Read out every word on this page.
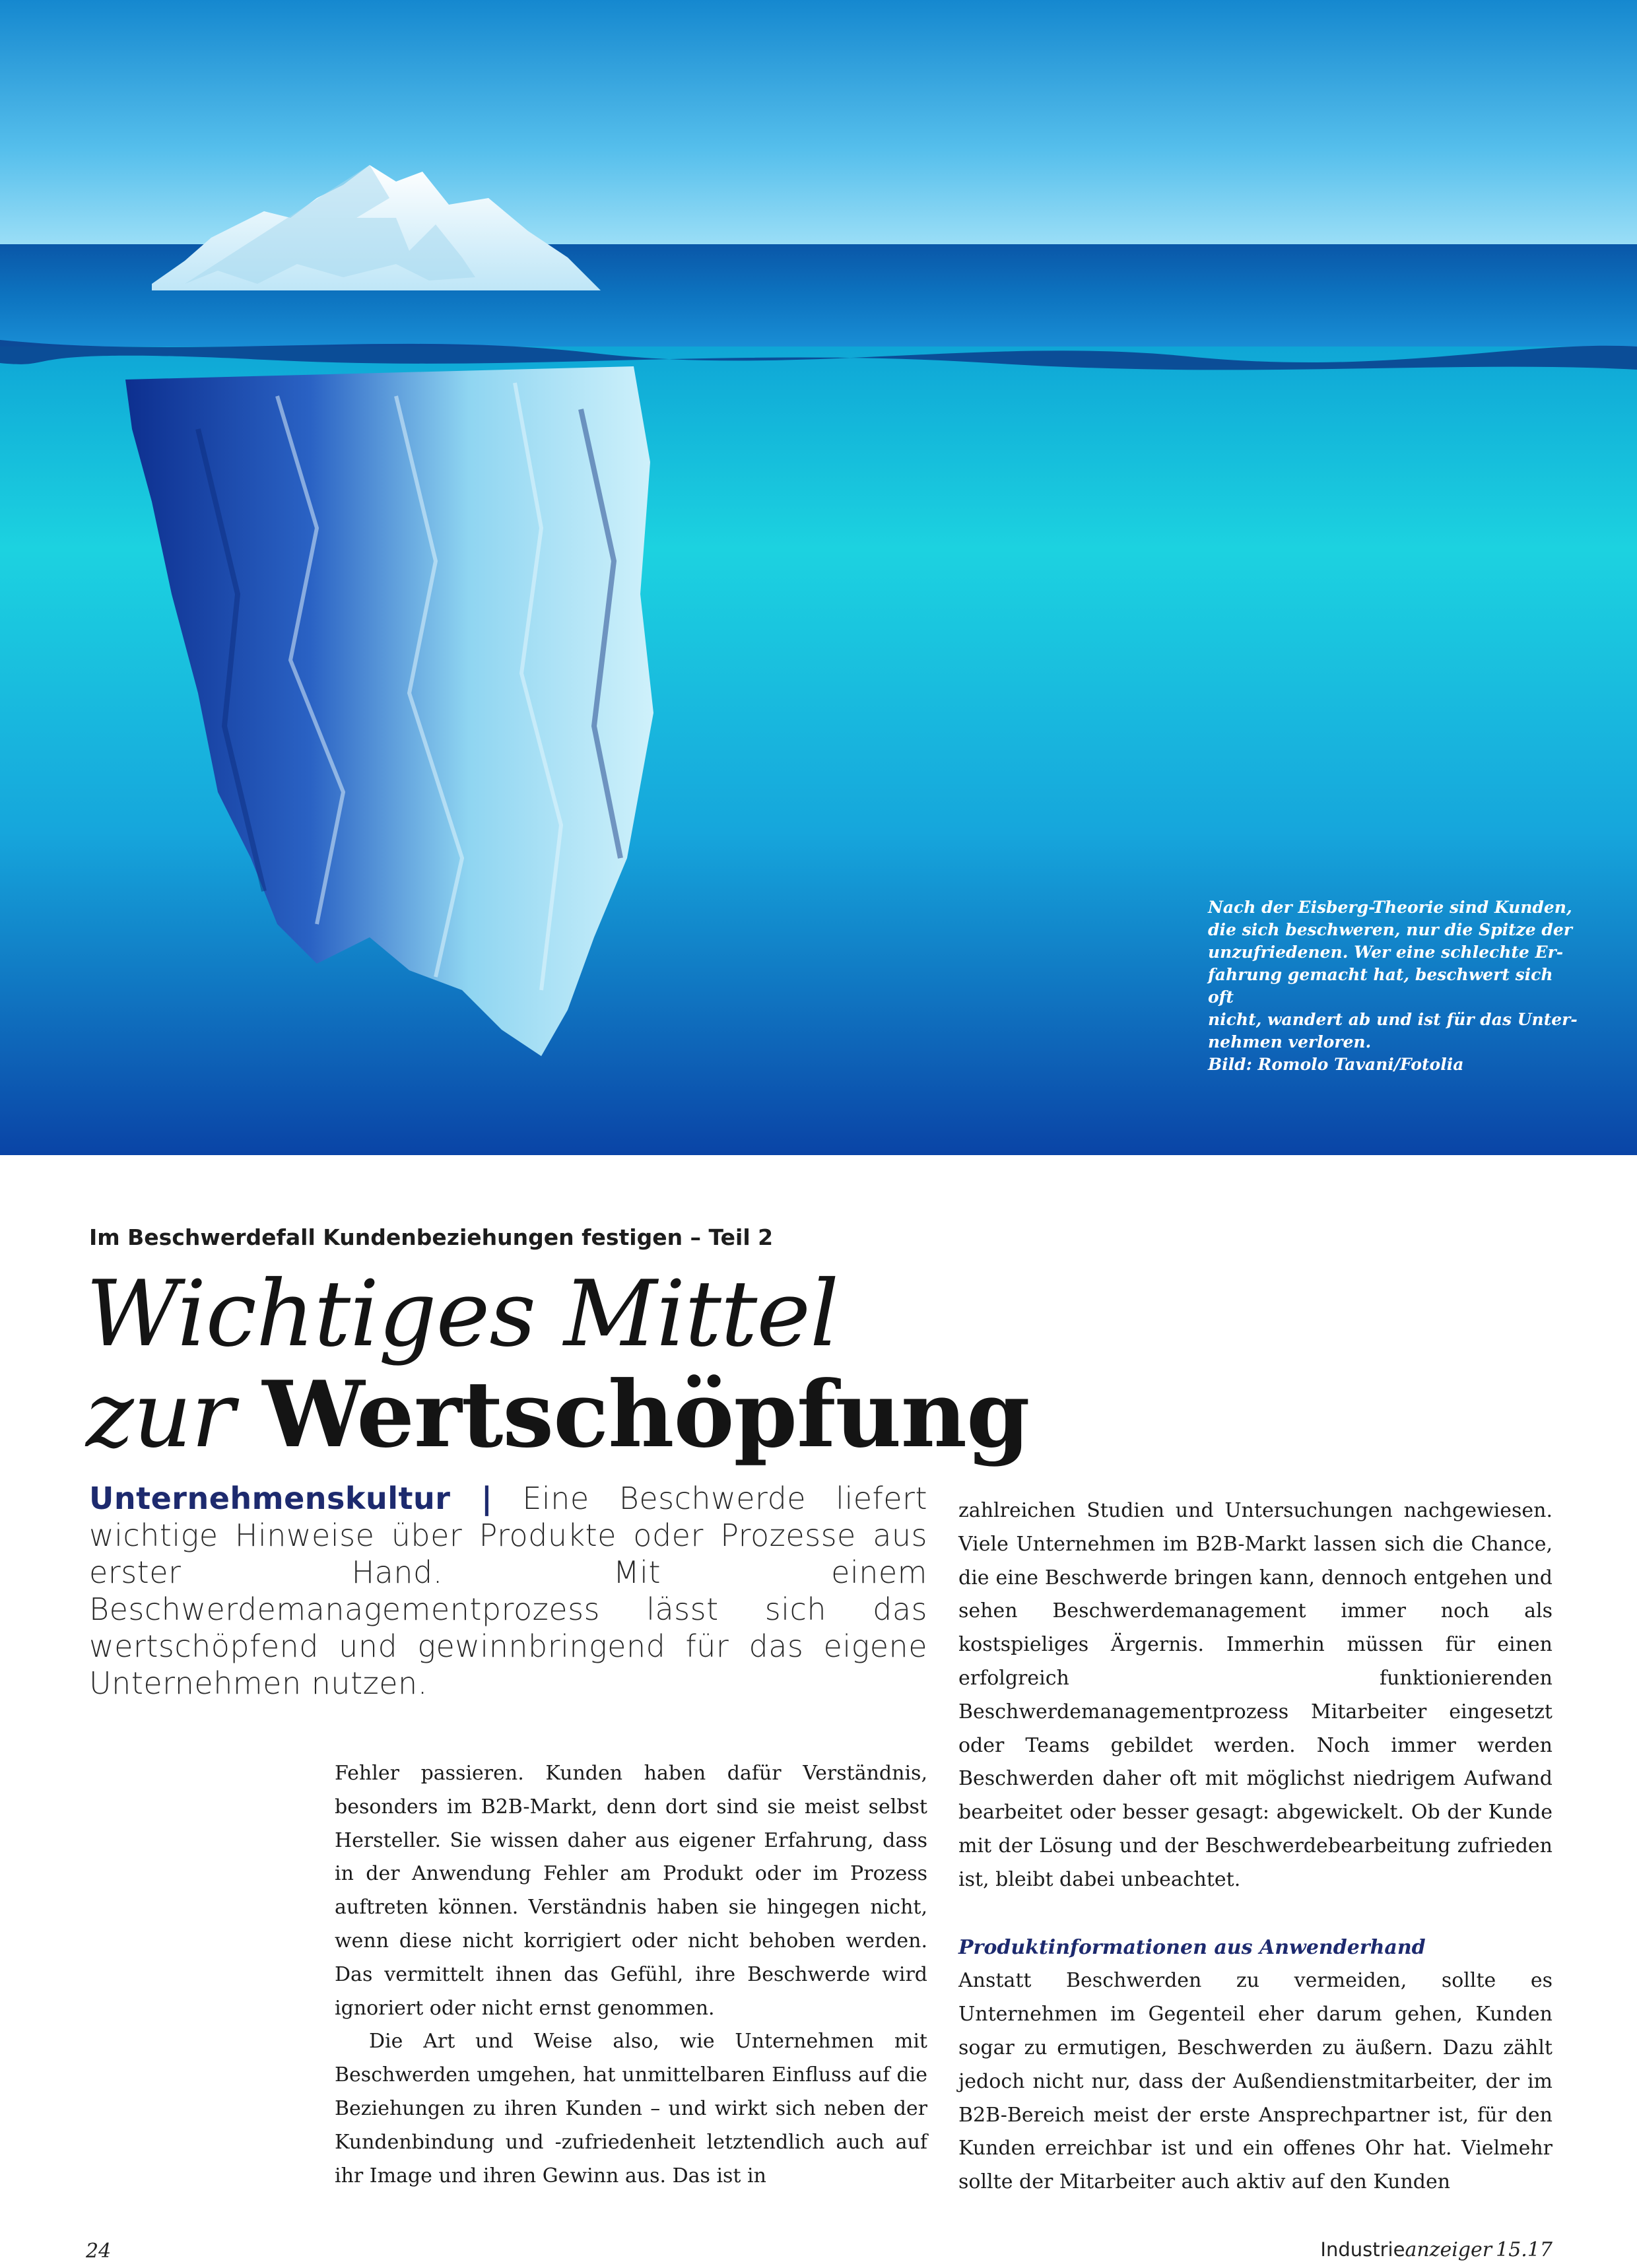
Nach der Eisberg-Theorie sind Kunden,

die sich beschweren, nur die Spitze der

unzufriedenen. Wer eine schlechte Er-

fahrung gemacht hat, beschwert sich oft

nicht, wandert ab und ist für das Unter-

nehmen verloren.

Bild: Romolo Tavani/Fotolia

Im Beschwerdefall Kundenbeziehungen festigen – Teil 2
Wichtiges Mittel
zur Wertschöpfung
Unternehmenskultur | Eine Beschwerde liefert wichtige Hinweise über Produkte oder Prozesse aus erster Hand. Mit einem Beschwerdemanagementprozess lässt sich das wertschöpfend und gewinnbringend für das eigene Unternehmen nutzen.

Fehler passieren. Kunden haben dafür Verständnis, besonders im B2B-Markt, denn dort sind sie meist selbst Hersteller. Sie wissen daher aus eigener Erfahrung, dass in der Anwendung Fehler am Produkt oder im Prozess auftreten können. Verständnis haben sie hingegen nicht, wenn diese nicht korrigiert oder nicht behoben werden. Das vermittelt ihnen das Gefühl, ihre Beschwerde wird ignoriert oder nicht ernst genommen.

Die Art und Weise also, wie Unternehmen mit Beschwerden umgehen, hat unmittelbaren Einfluss auf die Beziehungen zu ihren Kunden – und wirkt sich neben der Kundenbindung und -zufriedenheit letztendlich auch auf ihr Image und ihren Gewinn aus. Das ist in

zahlreichen Studien und Untersuchungen nachgewiesen. Viele Unternehmen im B2B-Markt lassen sich die Chance, die eine Beschwerde bringen kann, dennoch entgehen und sehen Beschwerdemanagement immer noch als kostspieliges Ärgernis. Immerhin müssen für einen erfolgreich funktionierenden Beschwerdemanagementprozess Mitarbeiter eingesetzt oder Teams gebildet werden. Noch immer werden Beschwerden daher oft mit möglichst niedrigem Aufwand bearbeitet oder besser gesagt: abgewickelt. Ob der Kunde mit der Lösung und der Beschwerdebearbeitung zufrieden ist, bleibt dabei unbeachtet.

Produktinformationen aus Anwenderhand

Anstatt Beschwerden zu vermeiden, sollte es Unternehmen im Gegenteil eher darum gehen, Kunden sogar zu ermutigen, Beschwerden zu äußern. Dazu zählt jedoch nicht nur, dass der Außendienstmitarbeiter, der im B2B-Bereich meist der erste Ansprechpartner ist, für den Kunden erreichbar ist und ein offenes Ohr hat. Vielmehr sollte der Mitarbeiter auch aktiv auf den Kunden

24	Industrieanzeiger 15.17
